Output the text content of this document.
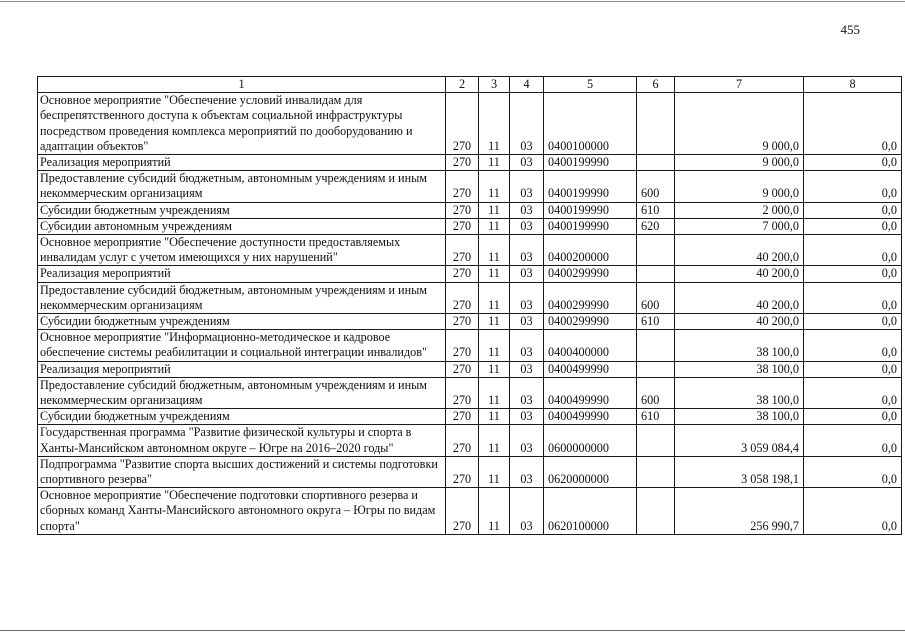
455
1	2	3	4	5	6	7	8
Основное мероприятие "Обеспечение условий инвалидам для беспрепятственного доступа к объектам социальной инфраструктуры посредством проведения комплекса мероприятий по дооборудованию и адаптации объектов"	270	11	03	0400100000		9 000,0	0,0
Реализация мероприятий	270	11	03	0400199990		9 000,0	0,0
Предоставление субсидий бюджетным, автономным учреждениям и иным некоммерческим организациям	270	11	03	0400199990	600	9 000,0	0,0
Субсидии бюджетным учреждениям	270	11	03	0400199990	610	2 000,0	0,0
Субсидии автономным учреждениям	270	11	03	0400199990	620	7 000,0	0,0
Основное мероприятие "Обеспечение доступности предоставляемых инвалидам услуг с учетом имеющихся у них нарушений"	270	11	03	0400200000		40 200,0	0,0
Реализация мероприятий	270	11	03	0400299990		40 200,0	0,0
Предоставление субсидий бюджетным, автономным учреждениям и иным некоммерческим организациям	270	11	03	0400299990	600	40 200,0	0,0
Субсидии бюджетным учреждениям	270	11	03	0400299990	610	40 200,0	0,0
Основное мероприятие "Информационно-методическое и кадровое обеспечение системы реабилитации и социальной интеграции инвалидов"	270	11	03	0400400000		38 100,0	0,0
Реализация мероприятий	270	11	03	0400499990		38 100,0	0,0
Предоставление субсидий бюджетным, автономным учреждениям и иным некоммерческим организациям	270	11	03	0400499990	600	38 100,0	0,0
Субсидии бюджетным учреждениям	270	11	03	0400499990	610	38 100,0	0,0
Государственная программа "Развитие физической культуры и спорта в Ханты-Мансийском автономном округе – Югре на 2016–2020 годы"	270	11	03	0600000000		3 059 084,4	0,0
Подпрограмма "Развитие спорта высших достижений и системы подготовки спортивного резерва"	270	11	03	0620000000		3 058 198,1	0,0
Основное мероприятие "Обеспечение подготовки спортивного резерва и сборных команд Ханты-Мансийского автономного округа – Югры по видам спорта"	270	11	03	0620100000		256 990,7	0,0
